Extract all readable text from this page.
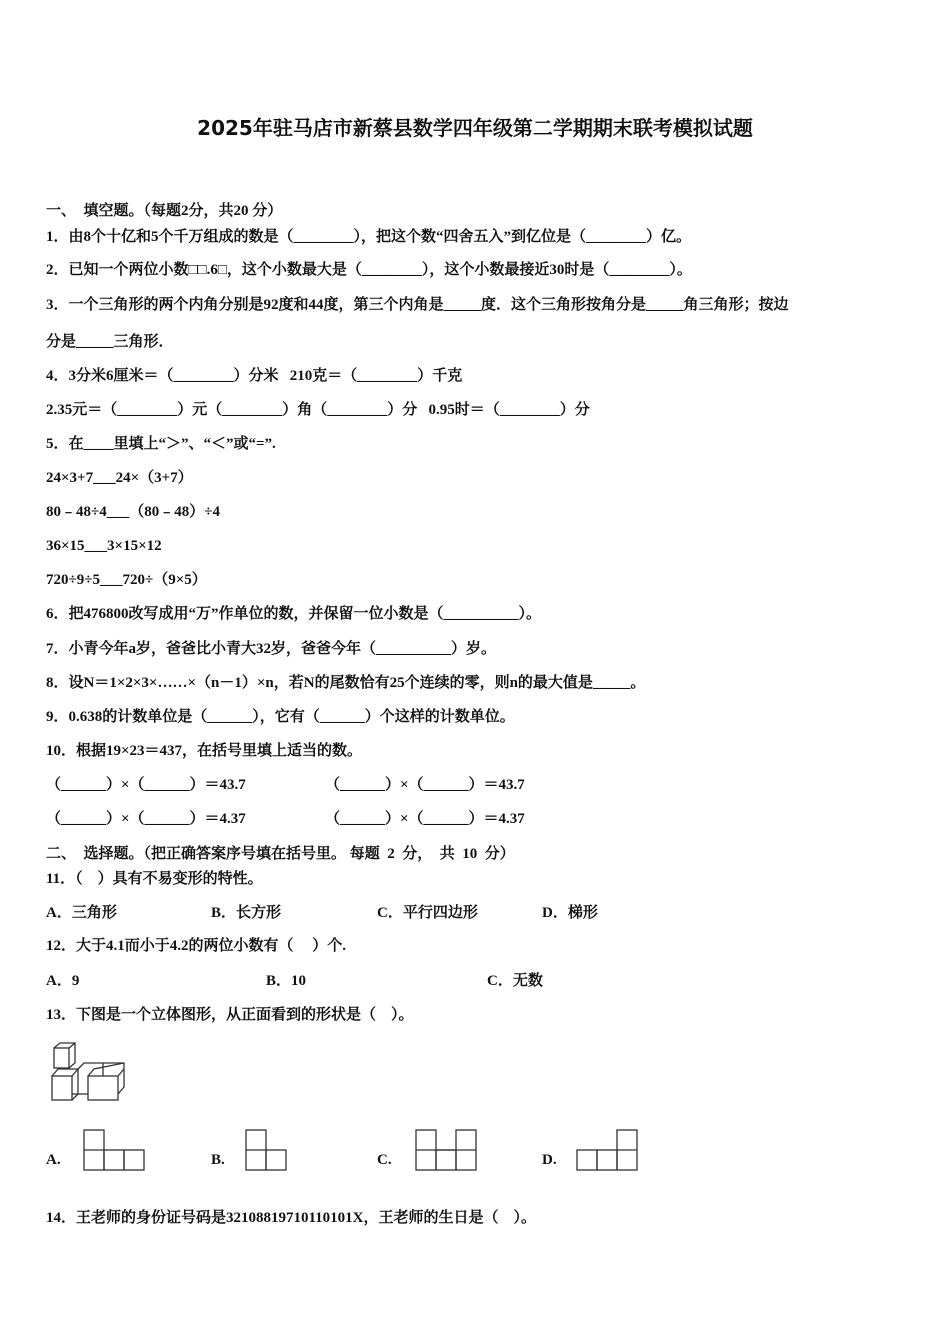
2025年驻马店市新蔡县数学四年级第二学期期末联考模拟试题
一、  填空题。（每题2分，共20 分）
1．由8个十亿和5个千万组成的数是（________），把这个数“四舍五入”到亿位是（________）亿。
2．已知一个两位小数□□.6□，这个小数最大是（________），这个小数最接近30时是（________）。
3．一个三角形的两个内角分别是92度和44度，第三个内角是_____度．这个三角形按角分是_____角三角形；按边
分是_____三角形．
4．3分米6厘米＝（________）分米   210克＝（________）千克
2.35元＝（________）元（________）角（________）分   0.95时＝（________）分
5．在____里填上“＞”、“＜”或“=”.
24×3+7___24×（3+7）
80﹣48÷4___（80﹣48）÷4
36×15___3×15×12
720÷9÷5___720÷（9×5）
6．把476800改写成用“万”作单位的数，并保留一位小数是（__________）。
7．小青今年a岁，爸爸比小青大32岁，爸爸今年（__________）岁。
8．设N＝1×2×3×……×（n－1）×n，若N的尾数恰有25个连续的零，则n的最大值是_____。
9．0.638的计数单位是（______），它有（______）个这样的计数单位。
10．根据19×23＝437，在括号里填上适当的数。
（______）×（______）＝43.7	（______）×（______）＝43.7
（______）×（______）＝4.37	（______）×（______）＝4.37
二、  选择题。（把正确答案序号填在括号里。 每题  2  分，  共  10  分）
11．（    ）具有不易变形的特性。
A．三角形	B．长方形	C．平行四边形	D．梯形
12．大于4.1而小于4.2的两位小数有（     ）个.
A．9	B．10	C．无数
13．下图是一个立体图形，从正面看到的形状是（    ）。
A.	B.	C.	D.
14．王老师的身份证号码是32108819710110101X，王老师的生日是（    ）。
